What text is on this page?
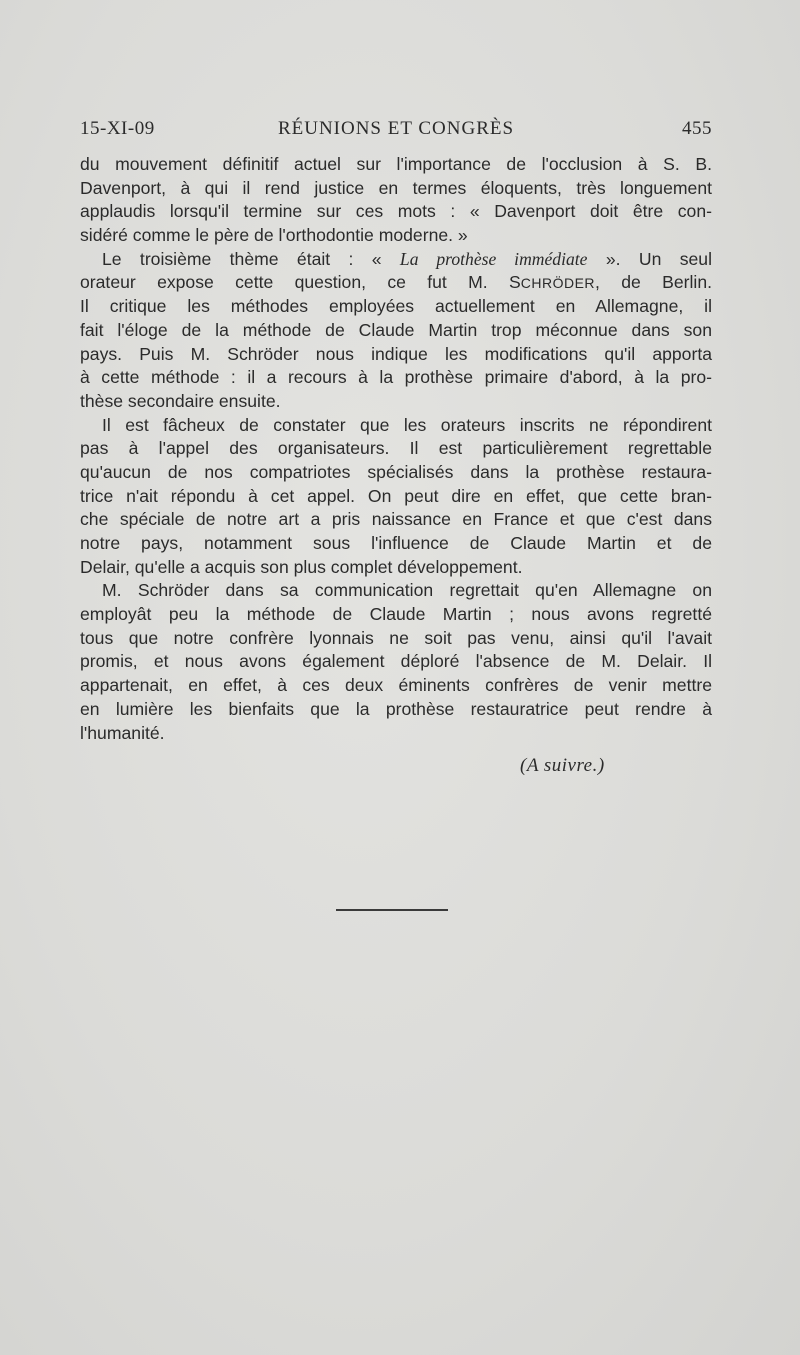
15-XI-09	RÉUNIONS ET CONGRÈS	455
du mouvement définitif actuel sur l'importance de l'occlusion à S. B.
Davenport, à qui il rend justice en termes éloquents, très longuement
applaudis lorsqu'il termine sur ces mots : « Davenport doit être con-
sidéré comme le père de l'orthodontie moderne. »
Le troisième thème était : « La prothèse immédiate ». Un seul
orateur expose cette question, ce fut M. SCHRÖDER, de Berlin.
Il critique les méthodes employées actuellement en Allemagne, il
fait l'éloge de la méthode de Claude Martin trop méconnue dans son
pays. Puis M. Schröder nous indique les modifications qu'il apporta
à cette méthode : il a recours à la prothèse primaire d'abord, à la pro-
thèse secondaire ensuite.
Il est fâcheux de constater que les orateurs inscrits ne répondirent
pas à l'appel des organisateurs. Il est particulièrement regrettable
qu'aucun de nos compatriotes spécialisés dans la prothèse restaura-
trice n'ait répondu à cet appel. On peut dire en effet, que cette bran-
che spéciale de notre art a pris naissance en France et que c'est dans
notre pays, notamment sous l'influence de Claude Martin et de
Delair, qu'elle a acquis son plus complet développement.
M. Schröder dans sa communication regrettait qu'en Allemagne on
employât peu la méthode de Claude Martin ; nous avons regretté
tous que notre confrère lyonnais ne soit pas venu, ainsi qu'il l'avait
promis, et nous avons également déploré l'absence de M. Delair. Il
appartenait, en effet, à ces deux éminents confrères de venir mettre
en lumière les bienfaits que la prothèse restauratrice peut rendre à
l'humanité.
(A suivre.)
